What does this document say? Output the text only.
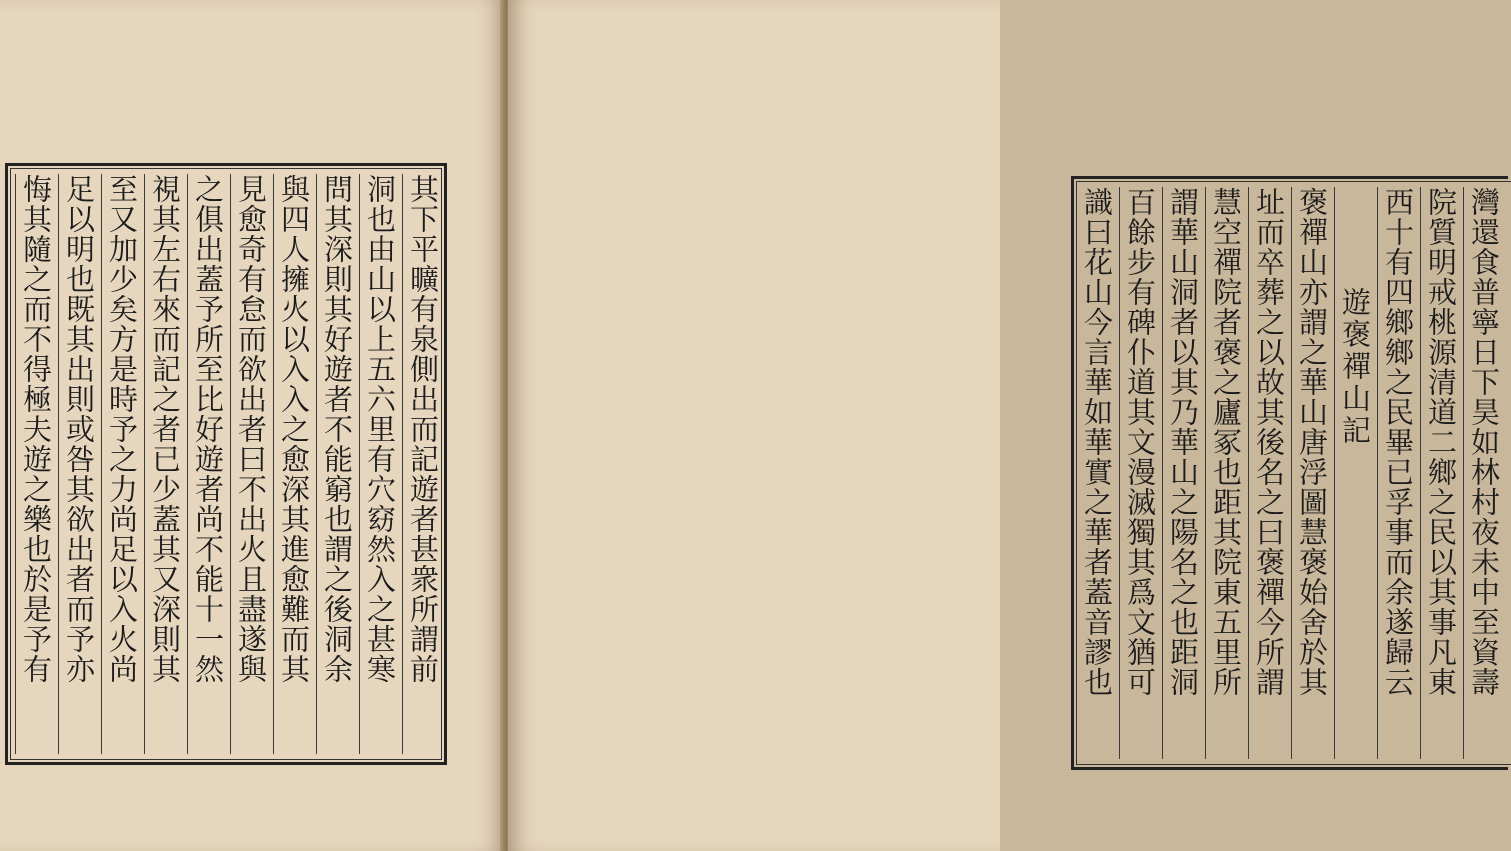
其下平曠有泉側出而記遊者甚衆所謂前
洞也由山以上五六里有穴窈然入之甚寒
問其深則其好遊者不能窮也謂之後洞余
與四人擁火以入入之愈深其進愈難而其
見愈奇有怠而欲出者曰不出火且盡遂與
之俱出蓋予所至比好遊者尚不能十一然
視其左右來而記之者已少蓋其又深則其
至又加少矣方是時予之力尚足以入火尚
足以明也既其出則或咎其欲出者而予亦
悔其隨之而不得極夫遊之樂也於是予有	灣還食普寧日下昊如林村夜未中至資壽
院質明戒桃源清道二鄉之民以其事凡東
西十有四鄉鄉之民畢已孚事而余遂歸云
遊褒禪山記
褒禪山亦謂之華山唐浮圖慧褒始舍於其
址而卒葬之以故其後名之曰褒禪今所謂
慧空禪院者褒之廬冢也距其院東五里所
謂華山洞者以其乃華山之陽名之也距洞
百餘步有碑仆道其文漫滅獨其爲文猶可
識曰花山今言華如華實之華者蓋音謬也
